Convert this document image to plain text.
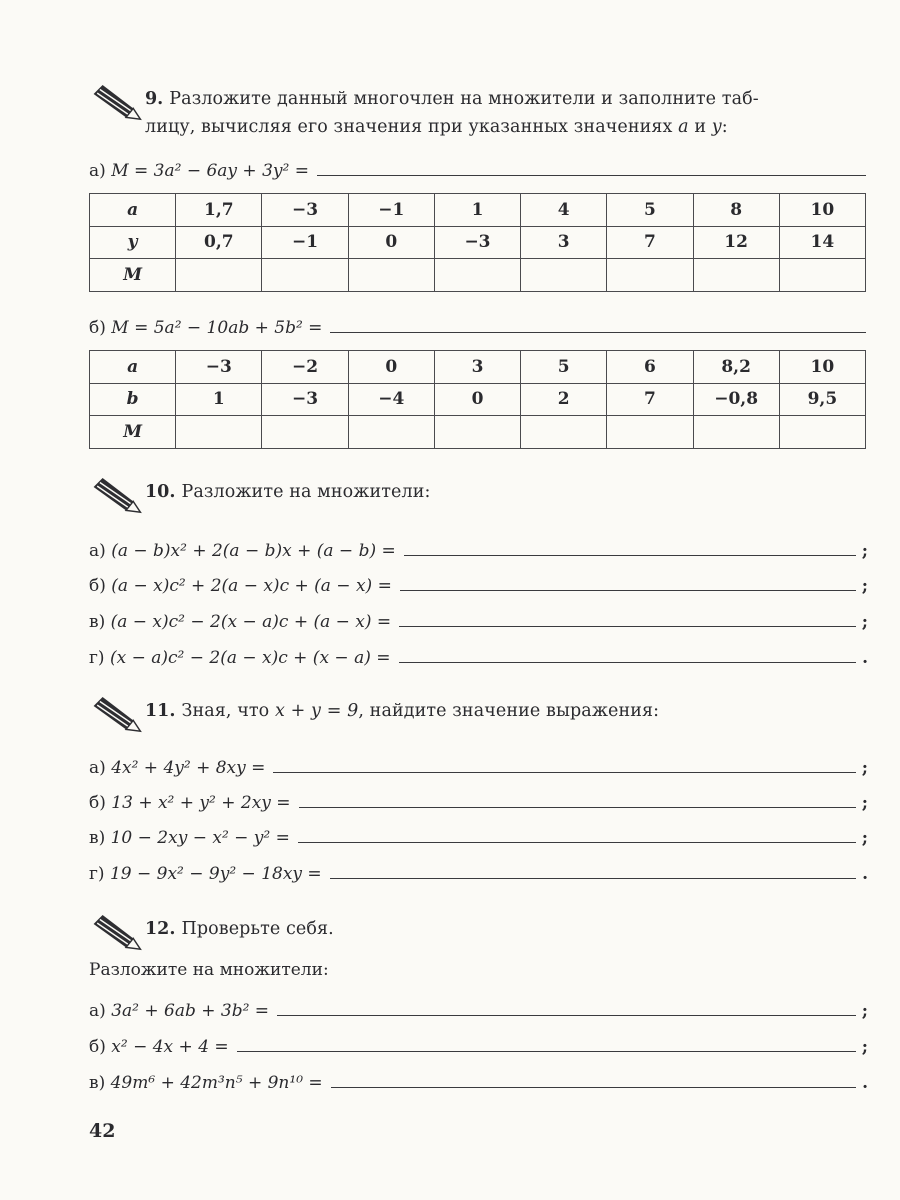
9. Разложите данный многочлен на множители и заполните таб-
лицу, вычисляя его значения при указанных значениях a и y:
а) M = 3a² − 6ay + 3y² =
a	1,7	−3	−1	1	4	5	8	10
y	0,7	−1	0	−3	3	7	12	14
M								
б) M = 5a² − 10ab + 5b² =
a	−3	−2	0	3	5	6	8,2	10
b	1	−3	−4	0	2	7	−0,8	9,5
M								
10. Разложите на множители:
а) (a − b)x² + 2(a − b)x + (a − b) =	;
б) (a − x)c² + 2(a − x)c + (a − x) =	;
в) (a − x)c² − 2(x − a)c + (a − x) =	;
г) (x − a)c² − 2(a − x)c + (x − a) =	.
11. Зная, что x + y = 9, найдите значение выражения:
а) 4x² + 4y² + 8xy =	;
б) 13 + x² + y² + 2xy =	;
в) 10 − 2xy − x² − y² =	;
г) 19 − 9x² − 9y² − 18xy =	.
12. Проверьте себя.
Разложите на множители:
а) 3a² + 6ab + 3b² =	;
б) x² − 4x + 4 =	;
в) 49m⁶ + 42m³n⁵ + 9n¹⁰ =	.
42
